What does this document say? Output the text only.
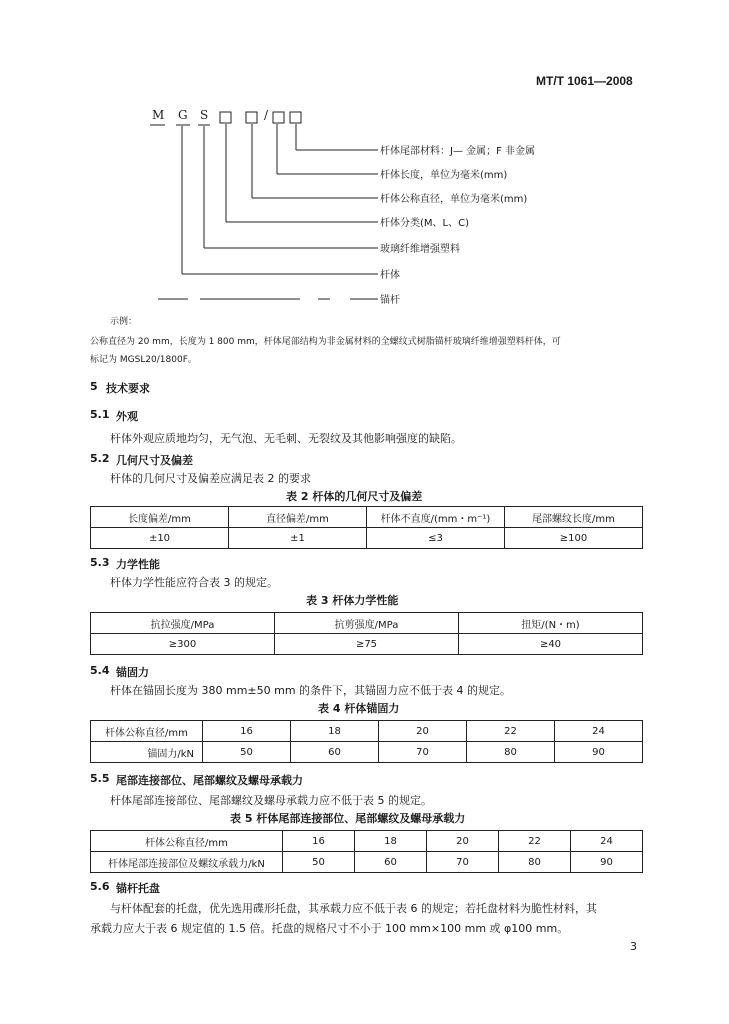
MT/T 1061—2008
M G S	/
杆体尾部材料：J— 金属；F 非金属
杆体长度，单位为毫米(mm)
杆体公称直径，单位为毫米(mm)
杆体分类(M、L、C)
玻璃纤维增强塑料
杆体
锚杆
示例：
公称直径为 20 mm，长度为 1 800 mm，杆体尾部结构为非金属材料的全螺纹式树脂锚杆玻璃纤维增强塑料杆体，可
标记为 MGSL20/1800F。
5 技术要求
5.1 外观
杆体外观应质地均匀，无气泡、无毛刺、无裂纹及其他影响强度的缺陷。
5.2 几何尺寸及偏差
杆体的几何尺寸及偏差应满足表 2 的要求
表 2 杆体的几何尺寸及偏差
长度偏差/mm	直径偏差/mm	杆体不直度/(mm・m⁻¹)	尾部螺纹长度/mm
±10	±1	≤3	≥100
5.3 力学性能
杆体力学性能应符合表 3 的规定。
表 3 杆体力学性能
抗拉强度/MPa	抗剪强度/MPa	扭矩/(N・m)
≥300	≥75	≥40
5.4 锚固力
杆体在锚固长度为 380 mm±50 mm 的条件下，其锚固力应不低于表 4 的规定。
表 4 杆体锚固力
杆体公称直径/mm	16	18	20	22	24
锚固力/kN	50	60	70	80	90
5.5 尾部连接部位、尾部螺纹及螺母承载力
杆体尾部连接部位、尾部螺纹及螺母承载力应不低于表 5 的规定。
表 5 杆体尾部连接部位、尾部螺纹及螺母承载力
杆体公称直径/mm	16	18	20	22	24
杆体尾部连接部位及螺纹承载力/kN	50	60	70	80	90
5.6 锚杆托盘
与杆体配套的托盘，优先选用碟形托盘，其承载力应不低于表 6 的规定；若托盘材料为脆性材料，其
承载力应大于表 6 规定值的 1.5 倍。托盘的规格尺寸不小于 100 mm×100 mm 或 φ100 mm。
3
